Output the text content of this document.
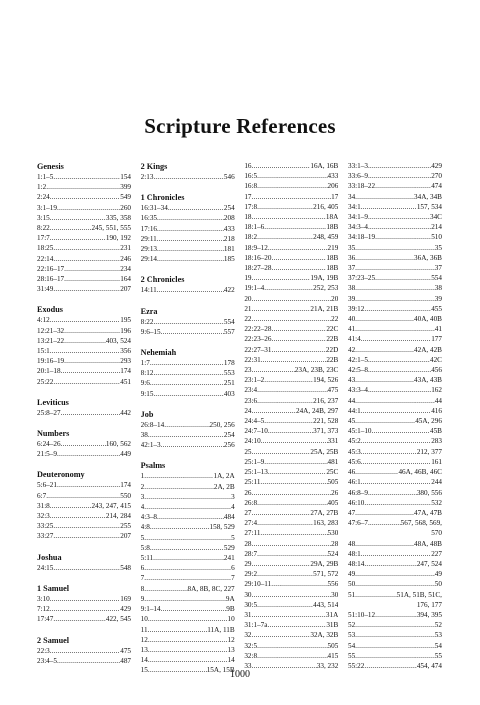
Scripture References
Genesis
1:1–5 .....	154
1:2 .....	399
2:24 .....	549
3:1–19 .....	260
3:15 .....	335, 358
8:22 .....	245, 551, 555
17:7 .....	190, 192
18:25 .....	231
22:14 .....	246
22:16–17 .....	234
28:16–17 .....	164
31:49 .....	207
Exodus
4:12 .....	195
12:21–32 .....	196
13:21–22 .....	403, 524
15:1 .....	356
19:16–19 .....	293
20:1–18 .....	174
25:22 .....	451
Leviticus
25:8–27 .....	442
Numbers
6:24–26 .....	160, 562
21:5–9 .....	449
Deuteronomy
5:6–21 .....	174
6:7 .....	550
31:8 .....	243, 247, 415
32:3 .....	214, 284
33:25 .....	255
33:27 .....	207
Joshua
24:15 .....	548
1 Samuel
3:10 .....	169
7:12 .....	429
17:47 .....	422, 545
2 Samuel
22:3 .....	475
23:4–5 .....	487
2 Kings
2:13 .....	546
1 Chronicles
16:31–34 .....	254
16:35 .....	208
17:16 .....	433
29:11 .....	218
29:13 .....	181
29:14 .....	185
2 Chronicles
14:11 .....	422
Ezra
8:22 .....	554
9:6–15 .....	557
Nehemiah
1:7 .....	178
8:12 .....	553
9:6 .....	251
9:15 .....	403
Job
26:8–14 .....	250, 256
38 .....	254
42:1–3 .....	256
Psalms
1 .....	1A, 2A
2 .....	2A, 2B
3 .....	3
4 .....	4
4:3–8 .....	484
4:8 .....	158, 529
5 .....	5
5:8 .....	529
5:11 .....	241
6 .....	6
7 .....	7
8 .....	8A, 8B, 8C, 227
9 .....	9A
9:1–14 .....	9B
10 .....	10
11 .....	11A, 11B
12 .....	12
13 .....	13
14 .....	14
15 .....	15A, 15B
16 .....	16A, 16B
16:5 .....	433
16:8 .....	206
17 .....	17
17:8 .....	216, 405
18 .....	18A
18:1–6 .....	18B
18:2 .....	248, 459
18:9–12 .....	219
18:16–20 .....	18B
18:27–28 .....	18B
19 .....	19A, 19B
19:1–4 .....	252, 253
20 .....	20
21 .....	21A, 21B
22 .....	22
22:22–28 .....	22C
22:23–26 .....	22B
22:27–31 .....	22D
22:31 .....	22B
23 .....	23A, 23B, 23C
23:1–2 .....	194, 526
23:4 .....	475
23:6 .....	216, 237
24 .....	24A, 24B, 297
24:4–5 .....	221, 528
24:7–10 .....	371, 373
24:10 .....	331
25 .....	25A, 25B
25:1–9 .....	481
25:1–13 .....	25C
25:11 .....	505
26 .....	26
26:8 .....	405
27 .....	27A, 27B
27:4 .....	163, 283
27:11 .....	530
28 .....	28
28:7 .....	524
29 .....	29A, 29B
29:2 .....	571, 572
29:10–11 .....	556
30 .....	30
30:5 .....	443, 514
31 .....	31A
31:1–7a .....	31B
32 .....	32A, 32B
32:5 .....	505
32:8 .....	415
33 .....	33, 232
33:1–3 .....	429
33:6–9 .....	270
33:18–22 .....	474
34 .....	34A, 34B
34:1 .....	157, 534
34:1–9 .....	34C
34:3–4 .....	214
34:18–19 .....	510
35 .....	35
36 .....	36A, 36B
37 .....	37
37:23–25 .....	554
38 .....	38
39 .....	39
39:12 .....	455
40 .....	40A, 40B
41 .....	41
41:4 .....	177
42 .....	42A, 42B
42:1–5 .....	42C
42:5–8 .....	456
43 .....	43A, 43B
43:3–4 .....	162
44 .....	44
44:1 .....	416
45 .....	45A, 296
45:1–10 .....	45B
45:2 .....	283
45:3 .....	212, 377
45:6 .....	161
46 .....	46A, 46B, 46C
46:1 .....	244
46:8–9 .....	380, 556
46:10 .....	532
47 .....	47A, 47B
47:6–7 .....	567, 568, 569,
570
48 .....	48A, 48B
48:1 .....	227
48:14 .....	247, 524
49 .....	49
50 .....	50
51 .....	51A, 51B, 51C,
176, 177
51:10–12 .....	394, 395
52 .....	52
53 .....	53
54 .....	54
55 .....	55
55:22 .....	454, 474
1000
